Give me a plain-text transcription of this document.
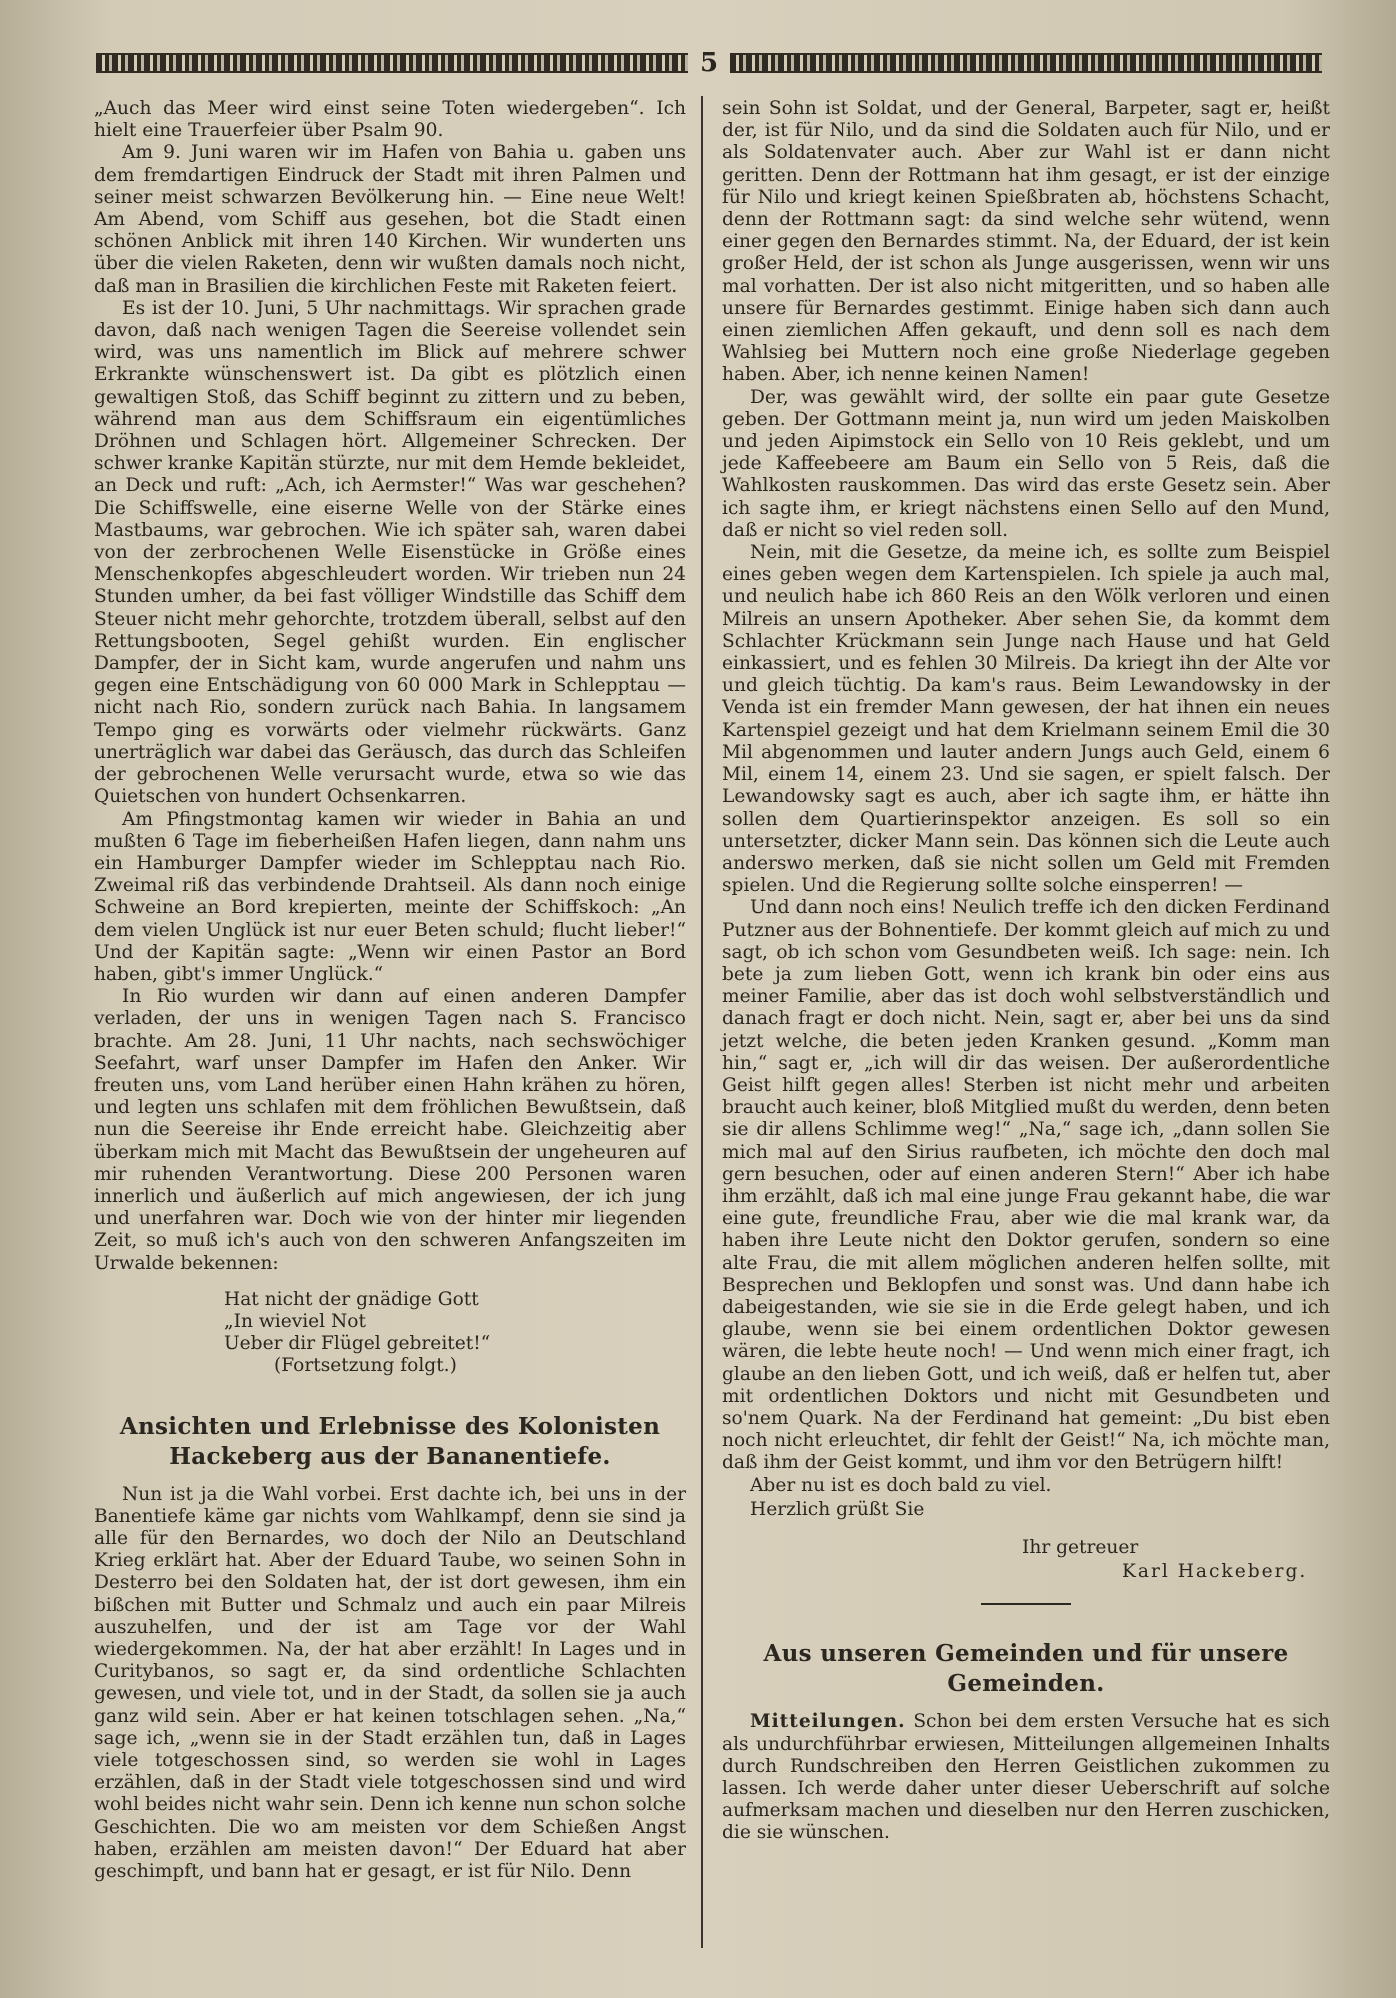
5

„Auch das Meer wird einst seine Toten wiedergeben“. Ich hielt eine Trauerfeier über Psalm 90.

Am 9. Juni waren wir im Hafen von Bahia u. gaben uns dem fremdartigen Eindruck der Stadt mit ihren Palmen und seiner meist schwarzen Bevölkerung hin. — Eine neue Welt! Am Abend, vom Schiff aus gesehen, bot die Stadt einen schönen Anblick mit ihren 140 Kirchen. Wir wunderten uns über die vielen Raketen, denn wir wußten damals noch nicht, daß man in Brasilien die kirchlichen Feste mit Raketen feiert.

Es ist der 10. Juni, 5 Uhr nachmittags. Wir sprachen grade davon, daß nach wenigen Tagen die Seereise vollendet sein wird, was uns namentlich im Blick auf mehrere schwer Erkrankte wünschenswert ist. Da gibt es plötzlich einen gewaltigen Stoß, das Schiff beginnt zu zittern und zu beben, während man aus dem Schiffsraum ein eigentümliches Dröhnen und Schlagen hört. Allgemeiner Schrecken. Der schwer kranke Kapitän stürzte, nur mit dem Hemde bekleidet, an Deck und ruft: „Ach, ich Aermster!“ Was war geschehen? Die Schiffswelle, eine eiserne Welle von der Stärke eines Mastbaums, war gebrochen. Wie ich später sah, waren dabei von der zerbrochenen Welle Eisenstücke in Größe eines Menschenkopfes abgeschleudert worden. Wir trieben nun 24 Stunden umher, da bei fast völliger Windstille das Schiff dem Steuer nicht mehr gehorchte, trotzdem überall, selbst auf den Rettungsbooten, Segel gehißt wurden. Ein englischer Dampfer, der in Sicht kam, wurde angerufen und nahm uns gegen eine Entschädigung von 60 000 Mark in Schlepptau — nicht nach Rio, sondern zurück nach Bahia. In langsamem Tempo ging es vorwärts oder vielmehr rückwärts. Ganz unerträglich war dabei das Geräusch, das durch das Schleifen der gebrochenen Welle verursacht wurde, etwa so wie das Quietschen von hundert Ochsenkarren.

Am Pfingstmontag kamen wir wieder in Bahia an und mußten 6 Tage im fieberheißen Hafen liegen, dann nahm uns ein Hamburger Dampfer wieder im Schlepptau nach Rio. Zweimal riß das verbindende Drahtseil. Als dann noch einige Schweine an Bord krepierten, meinte der Schiffskoch: „An dem vielen Unglück ist nur euer Beten schuld; flucht lieber!“ Und der Kapitän sagte: „Wenn wir einen Pastor an Bord haben, gibt's immer Unglück.“

In Rio wurden wir dann auf einen anderen Dampfer verladen, der uns in wenigen Tagen nach S. Francisco brachte. Am 28. Juni, 11 Uhr nachts, nach sechswöchiger Seefahrt, warf unser Dampfer im Hafen den Anker. Wir freuten uns, vom Land herüber einen Hahn krähen zu hören, und legten uns schlafen mit dem fröhlichen Bewußtsein, daß nun die Seereise ihr Ende erreicht habe. Gleichzeitig aber überkam mich mit Macht das Bewußtsein der ungeheuren auf mir ruhenden Verantwortung. Diese 200 Personen waren innerlich und äußerlich auf mich angewiesen, der ich jung und unerfahren war. Doch wie von der hinter mir liegenden Zeit, so muß ich's auch von den schweren Anfangszeiten im Urwalde bekennen:

Hat nicht der gnädige Gott
„In wieviel Not
Ueber dir Flügel gebreitet!“
(Fortsetzung folgt.)
Ansichten und Erlebnisse des Kolonisten Hackeberg aus der Bananentiefe.

Nun ist ja die Wahl vorbei. Erst dachte ich, bei uns in der Banentiefe käme gar nichts vom Wahlkampf, denn sie sind ja alle für den Bernardes, wo doch der Nilo an Deutschland Krieg erklärt hat. Aber der Eduard Taube, wo seinen Sohn in Desterro bei den Soldaten hat, der ist dort gewesen, ihm ein bißchen mit Butter und Schmalz und auch ein paar Milreis auszuhelfen, und der ist am Tage vor der Wahl wiedergekommen. Na, der hat aber erzählt! In Lages und in Curitybanos, so sagt er, da sind ordentliche Schlachten gewesen, und viele tot, und in der Stadt, da sollen sie ja auch ganz wild sein. Aber er hat keinen totschlagen sehen. „Na,“ sage ich, „wenn sie in der Stadt erzählen tun, daß in Lages viele totgeschossen sind, so werden sie wohl in Lages erzählen, daß in der Stadt viele totgeschossen sind und wird wohl beides nicht wahr sein. Denn ich kenne nun schon solche Geschichten. Die wo am meisten vor dem Schießen Angst haben, erzählen am meisten davon!“ Der Eduard hat aber geschimpft, und bann hat er gesagt, er ist für Nilo. Denn

sein Sohn ist Soldat, und der General, Barpeter, sagt er, heißt der, ist für Nilo, und da sind die Soldaten auch für Nilo, und er als Soldatenvater auch. Aber zur Wahl ist er dann nicht geritten. Denn der Rottmann hat ihm gesagt, er ist der einzige für Nilo und kriegt keinen Spießbraten ab, höchstens Schacht, denn der Rottmann sagt: da sind welche sehr wütend, wenn einer gegen den Bernardes stimmt. Na, der Eduard, der ist kein großer Held, der ist schon als Junge ausgerissen, wenn wir uns mal vorhatten. Der ist also nicht mitgeritten, und so haben alle unsere für Bernardes gestimmt. Einige haben sich dann auch einen ziemlichen Affen gekauft, und denn soll es nach dem Wahlsieg bei Muttern noch eine große Niederlage gegeben haben. Aber, ich nenne keinen Namen!

Der, was gewählt wird, der sollte ein paar gute Gesetze geben. Der Gottmann meint ja, nun wird um jeden Maiskolben und jeden Aipimstock ein Sello von 10 Reis geklebt, und um jede Kaffeebeere am Baum ein Sello von 5 Reis, daß die Wahlkosten rauskommen. Das wird das erste Gesetz sein. Aber ich sagte ihm, er kriegt nächstens einen Sello auf den Mund, daß er nicht so viel reden soll.

Nein, mit die Gesetze, da meine ich, es sollte zum Beispiel eines geben wegen dem Kartenspielen. Ich spiele ja auch mal, und neulich habe ich 860 Reis an den Wölk verloren und einen Milreis an unsern Apotheker. Aber sehen Sie, da kommt dem Schlachter Krückmann sein Junge nach Hause und hat Geld einkassiert, und es fehlen 30 Milreis. Da kriegt ihn der Alte vor und gleich tüchtig. Da kam's raus. Beim Lewandowsky in der Venda ist ein fremder Mann gewesen, der hat ihnen ein neues Kartenspiel gezeigt und hat dem Krielmann seinem Emil die 30 Mil abgenommen und lauter andern Jungs auch Geld, einem 6 Mil, einem 14, einem 23. Und sie sagen, er spielt falsch. Der Lewandowsky sagt es auch, aber ich sagte ihm, er hätte ihn sollen dem Quartierinspektor anzeigen. Es soll so ein untersetzter, dicker Mann sein. Das können sich die Leute auch anderswo merken, daß sie nicht sollen um Geld mit Fremden spielen. Und die Regierung sollte solche einsperren! —

Und dann noch eins! Neulich treffe ich den dicken Ferdinand Putzner aus der Bohnentiefe. Der kommt gleich auf mich zu und sagt, ob ich schon vom Gesundbeten weiß. Ich sage: nein. Ich bete ja zum lieben Gott, wenn ich krank bin oder eins aus meiner Familie, aber das ist doch wohl selbstverständlich und danach fragt er doch nicht. Nein, sagt er, aber bei uns da sind jetzt welche, die beten jeden Kranken gesund. „Komm man hin,“ sagt er, „ich will dir das weisen. Der außerordentliche Geist hilft gegen alles! Sterben ist nicht mehr und arbeiten braucht auch keiner, bloß Mitglied mußt du werden, denn beten sie dir allens Schlimme weg!“ „Na,“ sage ich, „dann sollen Sie mich mal auf den Sirius raufbeten, ich möchte den doch mal gern besuchen, oder auf einen anderen Stern!“ Aber ich habe ihm erzählt, daß ich mal eine junge Frau gekannt habe, die war eine gute, freundliche Frau, aber wie die mal krank war, da haben ihre Leute nicht den Doktor gerufen, sondern so eine alte Frau, die mit allem möglichen anderen helfen sollte, mit Besprechen und Beklopfen und sonst was. Und dann habe ich dabeigestanden, wie sie sie in die Erde gelegt haben, und ich glaube, wenn sie bei einem ordentlichen Doktor gewesen wären, die lebte heute noch! — Und wenn mich einer fragt, ich glaube an den lieben Gott, und ich weiß, daß er helfen tut, aber mit ordentlichen Doktors und nicht mit Gesundbeten und so'nem Quark. Na der Ferdinand hat gemeint: „Du bist eben noch nicht erleuchtet, dir fehlt der Geist!“ Na, ich möchte man, daß ihm der Geist kommt, und ihm vor den Betrügern hilft!

Aber nu ist es doch bald zu viel.

Herzlich grüßt Sie

Ihr getreuer
Karl Hackeberg.
Aus unseren Gemeinden und für unsere Gemeinden.

Mitteilungen. Schon bei dem ersten Versuche hat es sich als undurchführbar erwiesen, Mitteilungen allgemeinen Inhalts durch Rundschreiben den Herren Geistlichen zukommen zu lassen. Ich werde daher unter dieser Ueberschrift auf solche aufmerksam machen und dieselben nur den Herren zuschicken, die sie wünschen.
